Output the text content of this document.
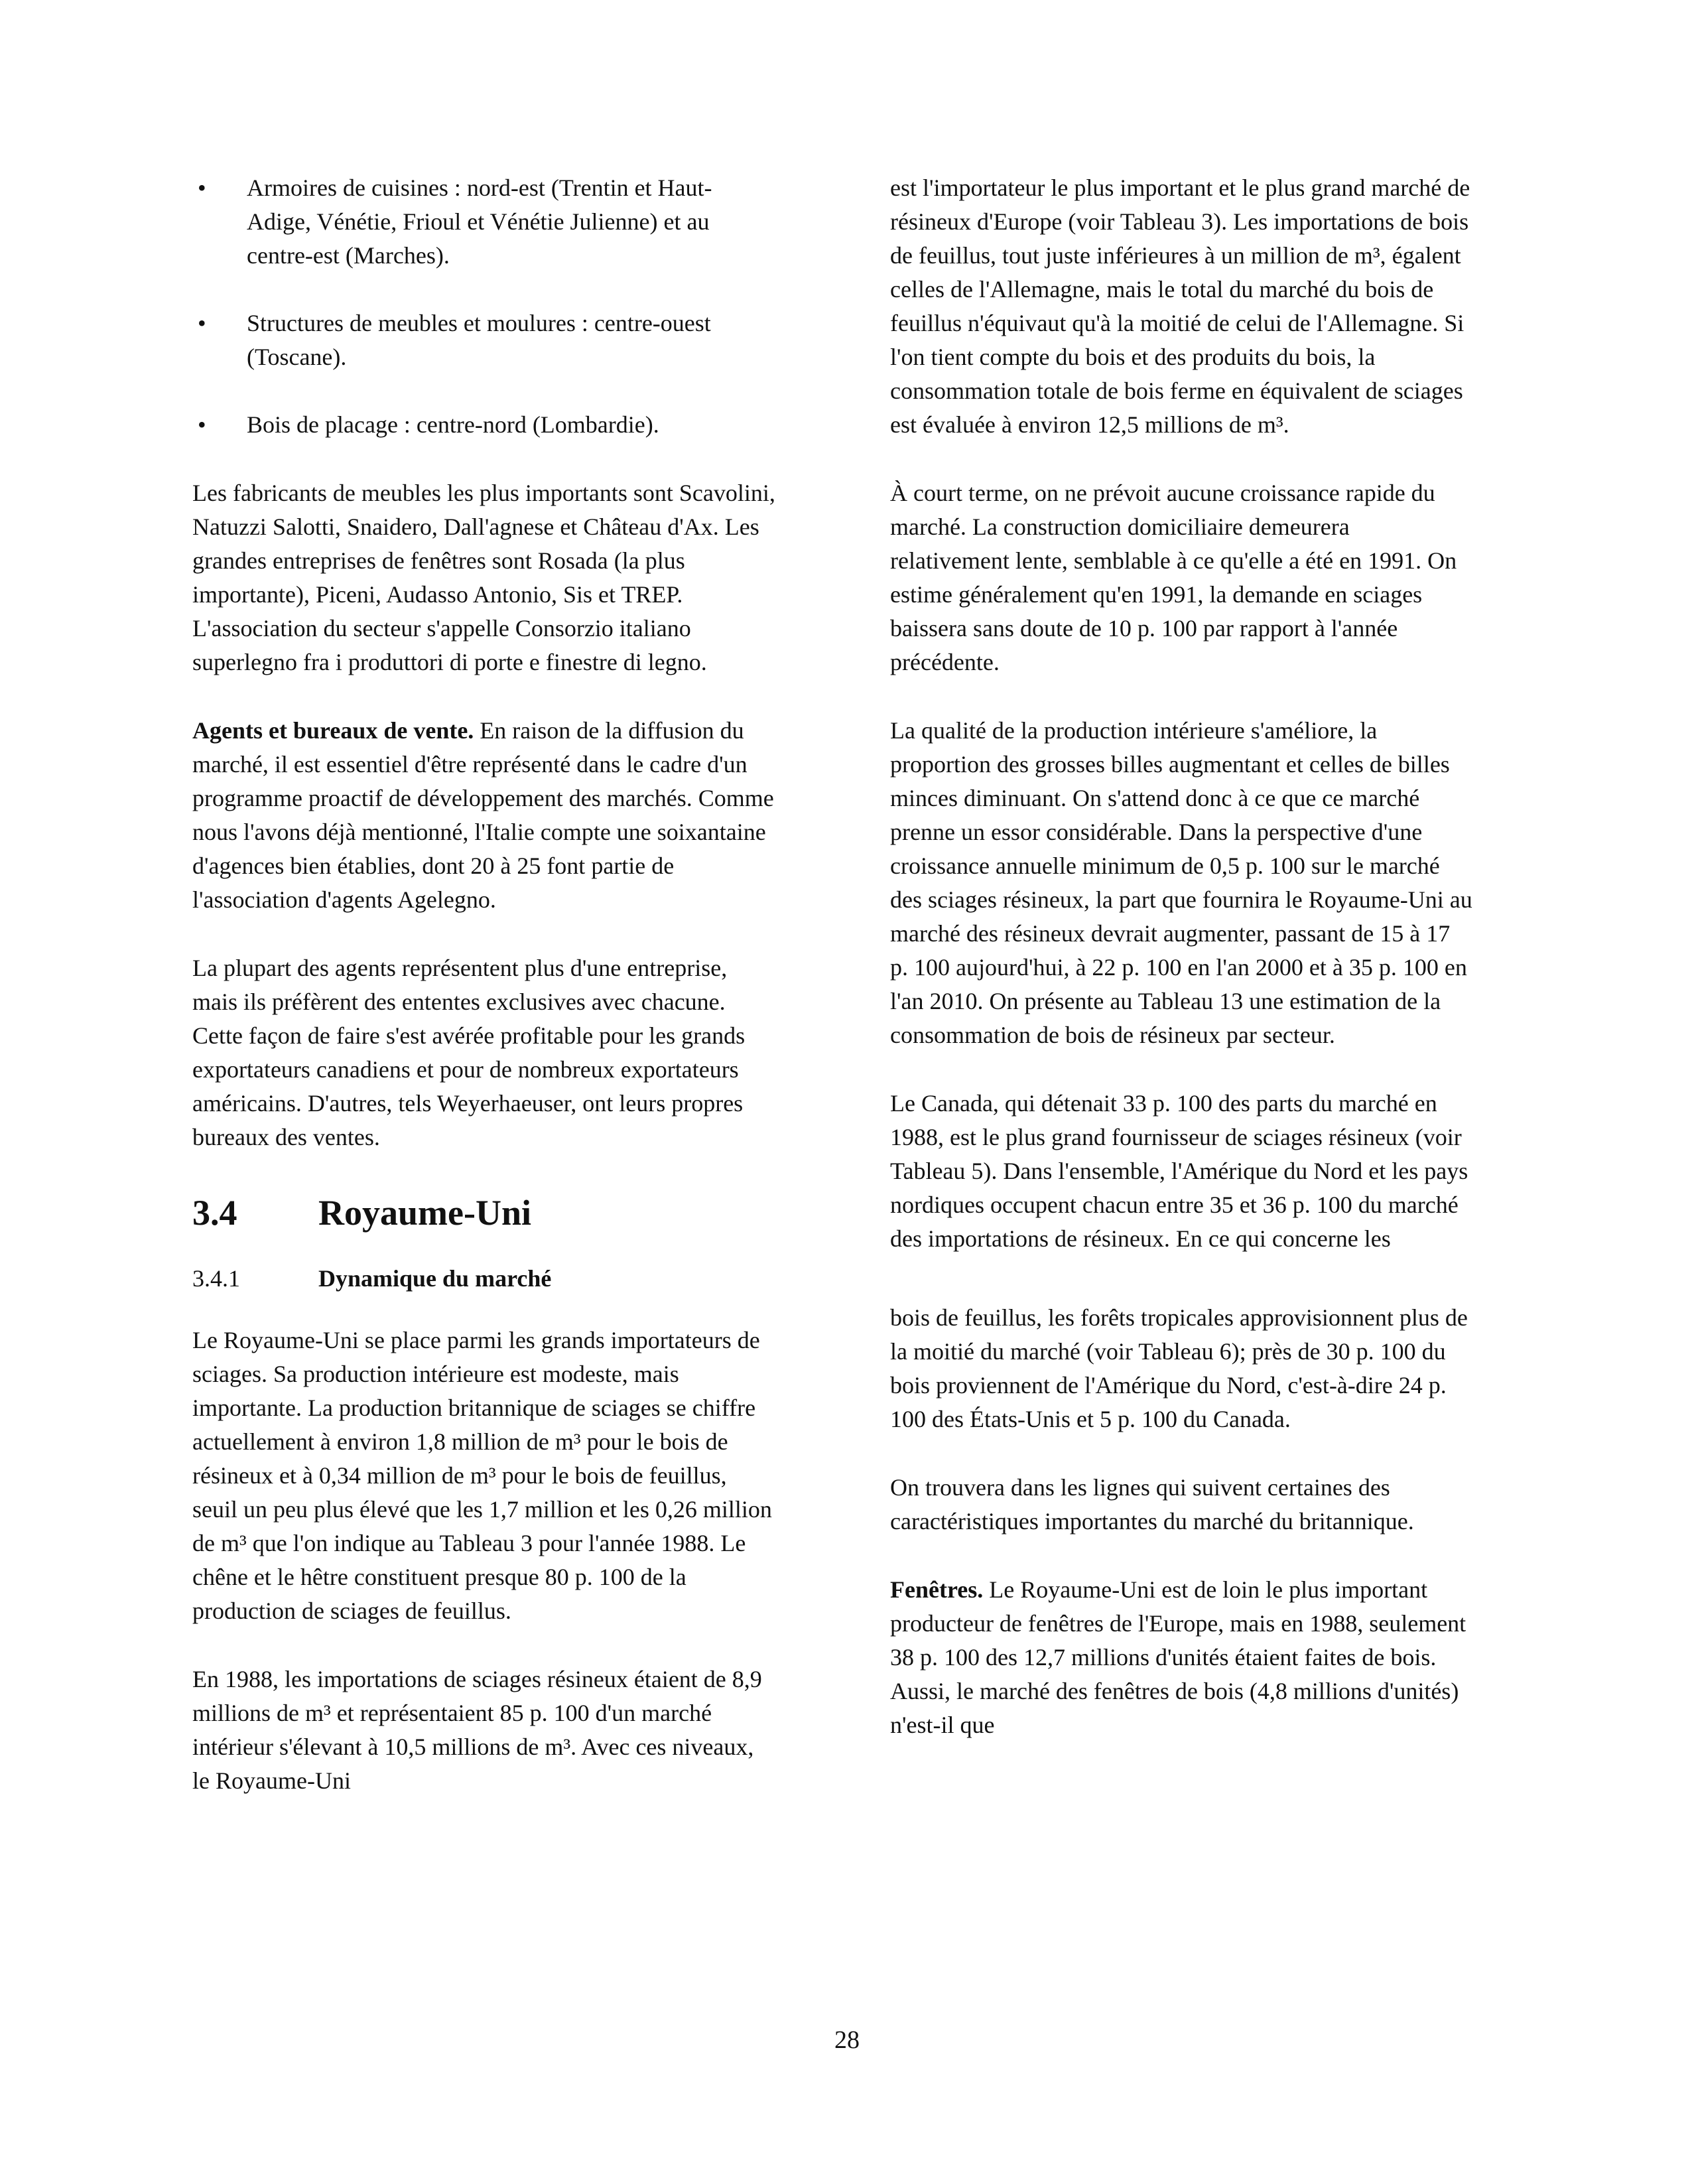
• Armoires de cuisines : nord-est (Trentin et Haut-Adige, Vénétie, Frioul et Vénétie Julienne) et au centre-est (Marches).
• Structures de meubles et moulures : centre-ouest (Toscane).
• Bois de placage : centre-nord (Lombardie).

Les fabricants de meubles les plus importants sont Scavolini, Natuzzi Salotti, Snaidero, Dall'agnese et Château d'Ax. Les grandes entreprises de fenêtres sont Rosada (la plus importante), Piceni, Audasso Antonio, Sis et TREP. L'association du secteur s'appelle Consorzio italiano superlegno fra i produttori di porte e finestre di legno.

Agents et bureaux de vente. En raison de la diffusion du marché, il est essentiel d'être représenté dans le cadre d'un programme proactif de développement des marchés. Comme nous l'avons déjà mentionné, l'Italie compte une soixantaine d'agences bien établies, dont 20 à 25 font partie de l'association d'agents Agelegno.

La plupart des agents représentent plus d'une entreprise, mais ils préfèrent des ententes exclusives avec chacune. Cette façon de faire s'est avérée profitable pour les grands exportateurs canadiens et pour de nombreux exportateurs américains. D'autres, tels Weyerhaeuser, ont leurs propres bureaux des ventes.

3.4	Royaume-Uni
3.4.1	Dynamique du marché

Le Royaume-Uni se place parmi les grands importateurs de sciages. Sa production intérieure est modeste, mais importante. La production britannique de sciages se chiffre actuellement à environ 1,8 million de m³ pour le bois de résineux et à 0,34 million de m³ pour le bois de feuillus, seuil un peu plus élevé que les 1,7 million et les 0,26 million de m³ que l'on indique au Tableau 3 pour l'année 1988. Le chêne et le hêtre constituent presque 80 p. 100 de la production de sciages de feuillus.

En 1988, les importations de sciages résineux étaient de 8,9 millions de m³ et représentaient 85 p. 100 d'un marché intérieur s'élevant à 10,5 millions de m³. Avec ces niveaux, le Royaume-Uni

est l'importateur le plus important et le plus grand marché de résineux d'Europe (voir Tableau 3). Les importations de bois de feuillus, tout juste inférieures à un million de m³, égalent celles de l'Allemagne, mais le total du marché du bois de feuillus n'équivaut qu'à la moitié de celui de l'Allemagne. Si l'on tient compte du bois et des produits du bois, la consommation totale de bois ferme en équivalent de sciages est évaluée à environ 12,5 millions de m³.

À court terme, on ne prévoit aucune croissance rapide du marché. La construction domiciliaire demeurera relativement lente, semblable à ce qu'elle a été en 1991. On estime généralement qu'en 1991, la demande en sciages baissera sans doute de 10 p. 100 par rapport à l'année précédente.

La qualité de la production intérieure s'améliore, la proportion des grosses billes augmentant et celles de billes minces diminuant. On s'attend donc à ce que ce marché prenne un essor considérable. Dans la perspective d'une croissance annuelle minimum de 0,5 p. 100 sur le marché des sciages résineux, la part que fournira le Royaume-Uni au marché des résineux devrait augmenter, passant de 15 à 17 p. 100 aujourd'hui, à 22 p. 100 en l'an 2000 et à 35 p. 100 en l'an 2010. On présente au Tableau 13 une estimation de la consommation de bois de résineux par secteur.

Le Canada, qui détenait 33 p. 100 des parts du marché en 1988, est le plus grand fournisseur de sciages résineux (voir Tableau 5). Dans l'ensemble, l'Amérique du Nord et les pays nordiques occupent chacun entre 35 et 36 p. 100 du marché des importations de résineux. En ce qui concerne les

bois de feuillus, les forêts tropicales approvisionnent plus de la moitié du marché (voir Tableau 6); près de 30 p. 100 du bois proviennent de l'Amérique du Nord, c'est-à-dire 24 p. 100 des États-Unis et 5 p. 100 du Canada.

On trouvera dans les lignes qui suivent certaines des caractéristiques importantes du marché du britannique.

Fenêtres. Le Royaume-Uni est de loin le plus important producteur de fenêtres de l'Europe, mais en 1988, seulement 38 p. 100 des 12,7 millions d'unités étaient faites de bois. Aussi, le marché des fenêtres de bois (4,8 millions d'unités) n'est-il que

28
